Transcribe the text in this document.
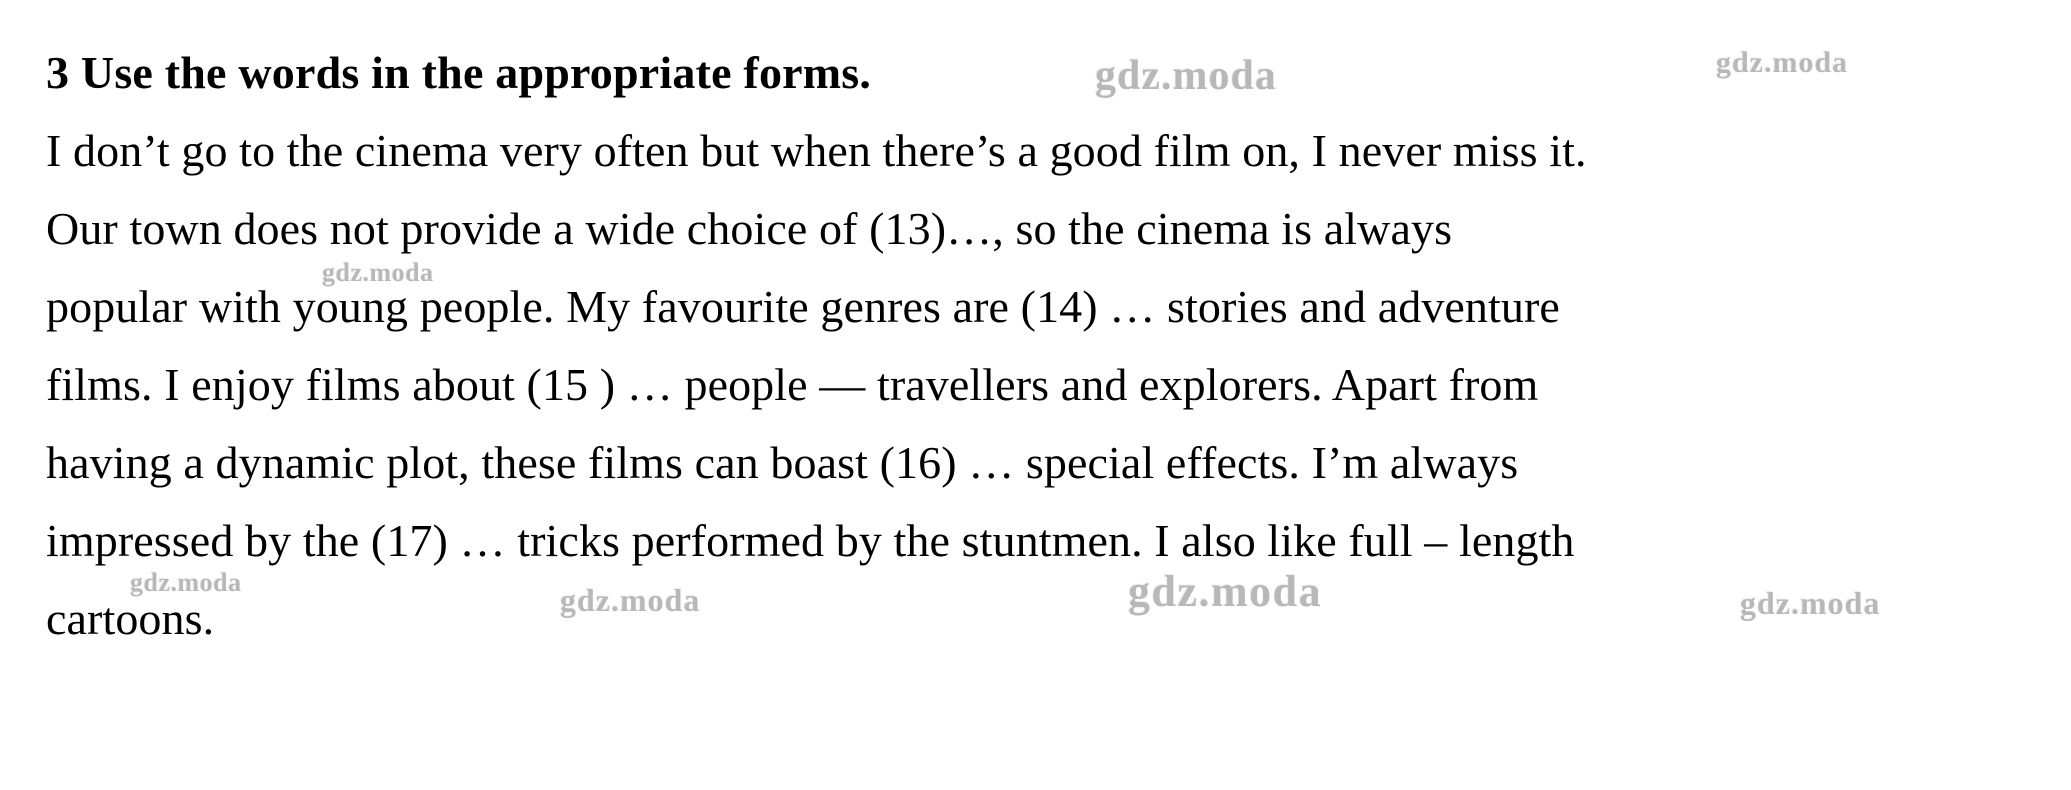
3 Use the words in the appropriate forms.
I don’t go to the cinema very often but when there’s a good film on, I never miss it.
Our town does not provide a wide choice of (13)…, so the cinema is always
popular with young people. My favourite genres are (14) … stories and adventure
films. I enjoy films about (15 ) … people — travellers and explorers. Apart from
having a dynamic plot, these films can boast (16) … special effects. I’m always
impressed by the (17) … tricks performed by the stuntmen. I also like full – length
cartoons.
gdz.moda	gdz.moda
gdz.moda
gdz.moda	gdz.moda	gdz.moda	gdz.moda
